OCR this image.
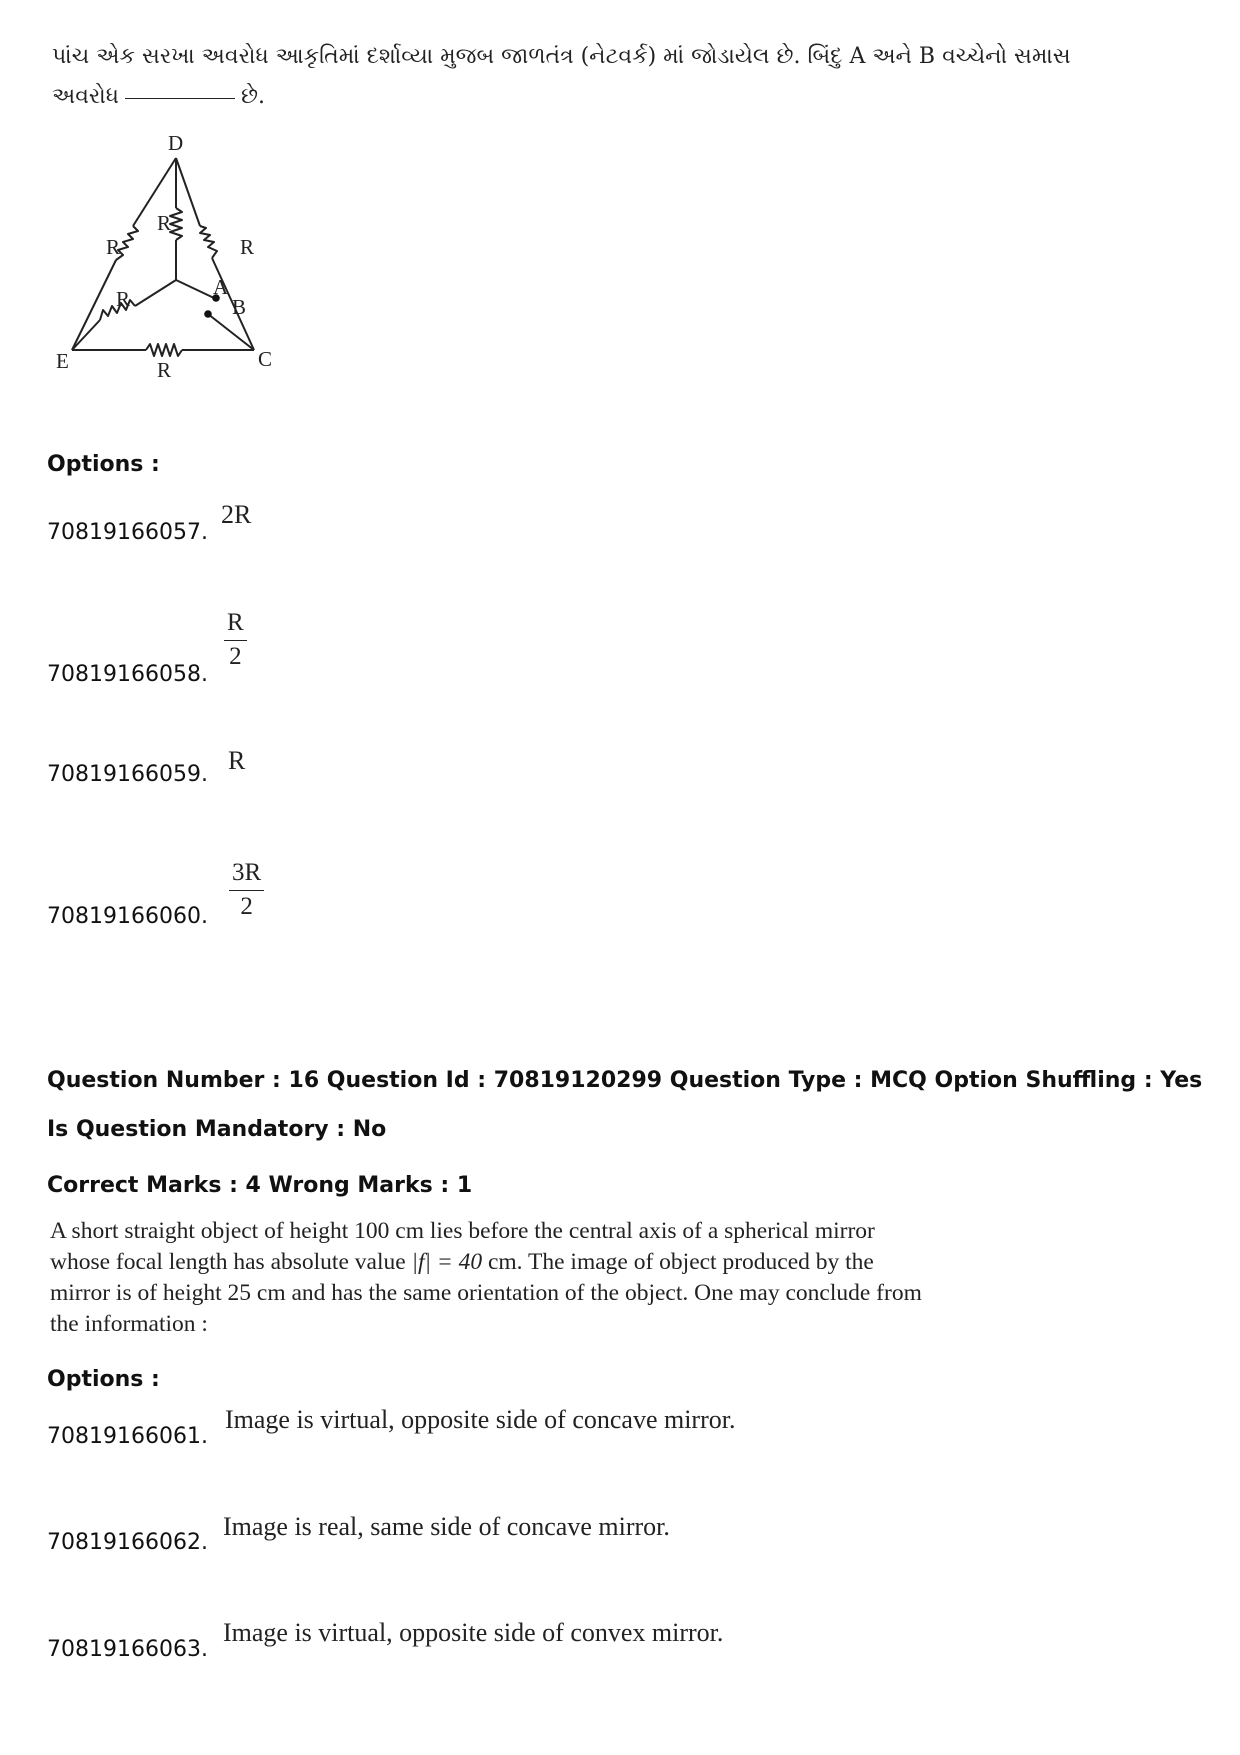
પાંચ એક સરખા અવરોધ આકૃતિમાં દર્શાવ્યા મુજબ જાળતંત્ર (નેટવર્ક) માં જોડાયેલ છે. બિંદુ A અને B વચ્ચેનો સમાસ
અવરોધ	છે.
D
E	C
A
B
R	R
R
R
R
Options :
70819166057.
2R
70819166058.
$\frac{R}{2}$
70819166059. R
70819166060. $\frac{3R}{2}$
Question Number : 16 Question Id : 70819120299 Question Type : MCQ Option Shuffling : Yes
Is Question Mandatory : No
Correct Marks : 4 Wrong Marks : 1
A short straight object of height 100 cm lies before the central axis of a spherical mirror
whose focal length has absolute value |f| = 40 cm. The image of object produced by the
mirror is of height 25 cm and has the same orientation of the object. One may conclude from
the information :
Options :
70819166061.
Image is virtual, opposite side of concave mirror.
70819166062.
Image is real, same side of concave mirror.
70819166063.
Image is virtual, opposite side of convex mirror.
